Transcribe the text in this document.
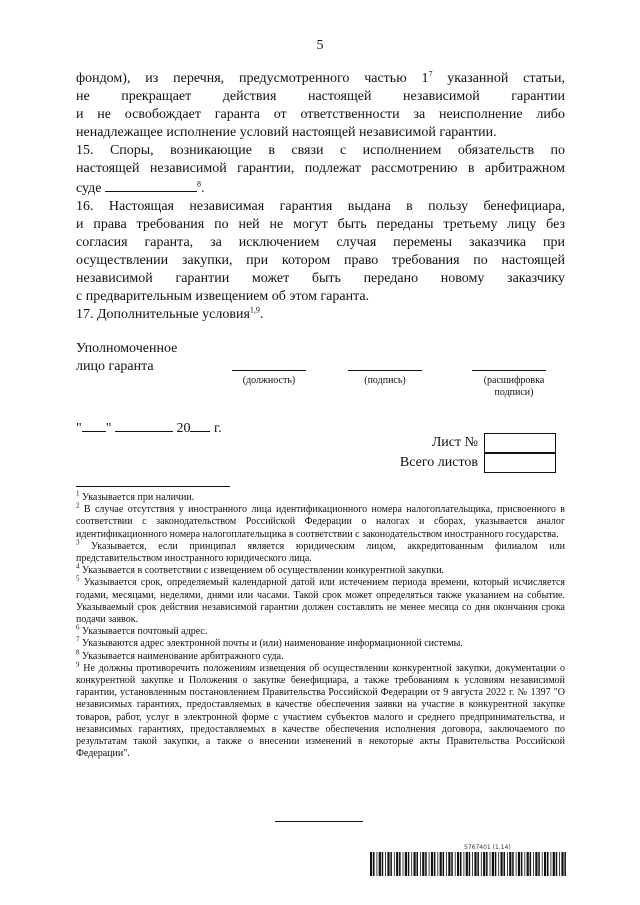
5
фондом), из перечня, предусмотренного частью $1^7$ указанной статьи,
не прекращает действия настоящей независимой гарантии
и не освобождает гаранта от ответственности за неисполнение либо
ненадлежащее исполнение условий настоящей независимой гарантии.
15. Споры, возникающие в связи с исполнением обязательств по
настоящей независимой гарантии, подлежат рассмотрению в арбитражном
суде	$^8$.
16. Настоящая независимая гарантия выдана в пользу бенефициара,
и права требования по ней не могут быть переданы третьему лицу без
согласия гаранта, за исключением случая перемены заказчика при
осуществлении закупки, при котором право требования по настоящей
независимой гарантии может быть передано новому заказчику
с предварительным извещением об этом гаранта.
17. Дополнительные условия$^{1,9}$.
Уполномоченное
лицо гаранта
(должность)	(подпись)	(расшифровка
подписи)
" "	20 г.
Лист №
Всего листов
$^1$ Указывается при наличии.
$^2$ В случае отсутствия у иностранного лица идентификационного номера налогоплательщика, присвоенного в соответствии с законодательством Российской Федерации о налогах и сборах, указывается аналог идентификационного номера налогоплательщика в соответствии с законодательством иностранного государства.
$^3$ Указывается, если принципал является юридическим лицом, аккредитованным филиалом или представительством иностранного юридического лица.
$^4$ Указывается в соответствии с извещением об осуществлении конкурентной закупки.
$^5$ Указывается срок, определяемый календарной датой или истечением периода времени, который исчисляется годами, месяцами, неделями, днями или часами. Такой срок может определяться также указанием на событие. Указываемый срок действия независимой гарантии должен составлять не менее месяца со дня окончания срока подачи заявок.
$^6$ Указывается почтовый адрес.
$^7$ Указываются адрес электронной почты и (или) наименование информационной системы.
$^8$ Указывается наименование арбитражного суда.
$^9$ Не должны противоречить положениям извещения об осуществлении конкурентной закупки, документации о конкурентной закупке и Положения о закупке бенефициара, а также требованиям к условиям независимой гарантии, установленным постановлением Правительства Российской Федерации от 9 августа 2022 г. № 1397 "О независимых гарантиях, предоставляемых в качестве обеспечения заявки на участие в конкурентной закупке товаров, работ, услуг в электронной форме с участием субъектов малого и среднего предпринимательства, и независимых гарантиях, предоставляемых в качестве обеспечения исполнения договора, заключаемого по результатам такой закупки, а также о внесении изменений в некоторые акты Правительства Российской Федерации".
5767401 (1.14)
